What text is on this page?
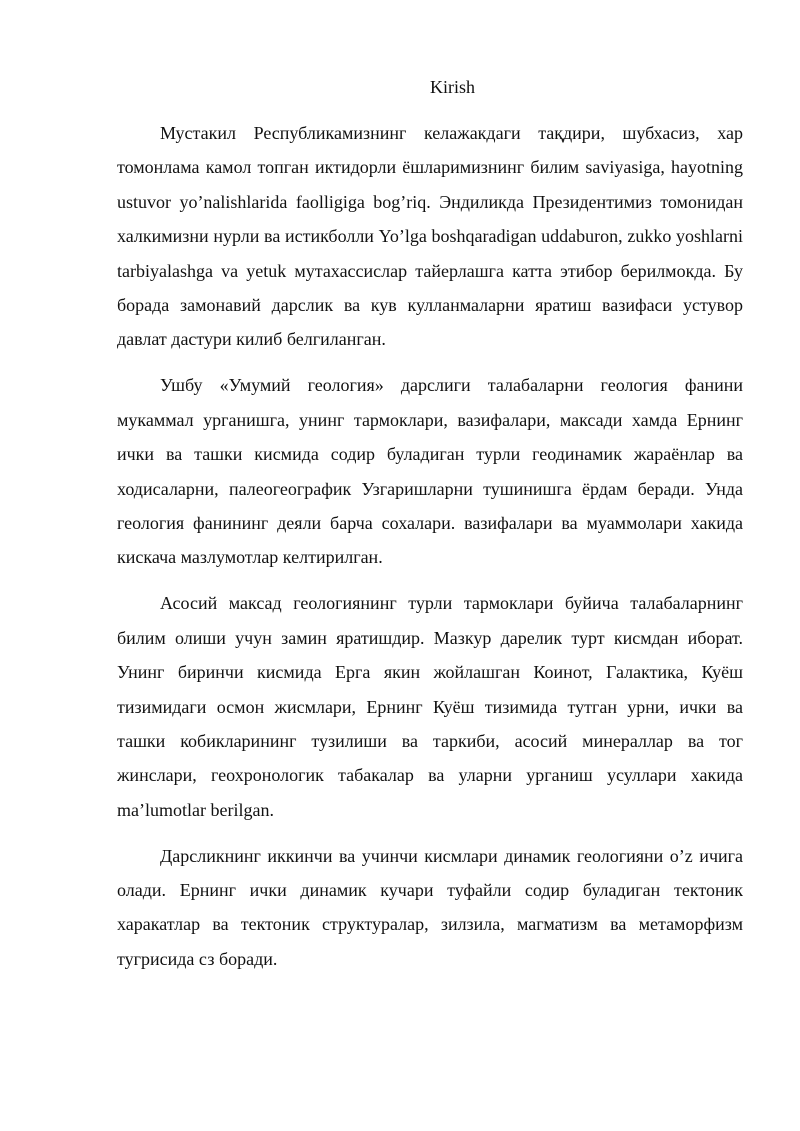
Kirish

Мустакил Республикамизнинг келажакдаги тақдири, шубхасиз, хар томонлама камол топган иктидорли ёшларимизнинг билим saviyasiga, hayotning ustuvor yo’nalishlarida faolligiga bog’riq. Эндиликда Президентимиз томонидан халкимизни нурли ва истикболли Yo’lga boshqaradigan uddaburon, zukko yoshlarni tarbiyalashga va yetuk мутахассислар тайерлашга катта этибор берилмокда. Бу борада замонавий дарслик ва кув кулланмаларни яратиш вазифаси устувор давлат дастури килиб белгиланган.

Ушбу «Умумий геология» дарслиги талабаларни геология фанини мукаммал урганишга, унинг тармоклари, вазифалари, максади хамда Ернинг ички ва ташки кисмида содир буладиган турли геодинамик жараёнлар ва ходисаларни, палеогеографик Узгаришларни тушинишга ёрдам беради. Унда геология фанининг деяли барча сохалари. вазифалари ва муаммолари хакида кискача мазлумотлар келтирилган.

Асосий максад геологиянинг турли тармоклари буйича талабаларнинг билим олиши учун замин яратишдир. Мазкур дарелик турт кисмдан иборат. Унинг биринчи кисмида Ерга якин жойлашган Коинот, Галактика, Куёш тизимидаги осмон жисмлари, Ернинг Куёш тизимида тутган урни, ички ва ташки кобикларининг тузилиши ва таркиби, асосий минераллар ва тог жинслари, геохронологик табакалар ва уларни урганиш усуллари хакида ma’lumotlar berilgan.

Дарсликнинг иккинчи ва учинчи кисмлари динамик геологияни o’z ичига олади. Ернинг ички динамик кучари туфайли содир буладиган тектоник харакатлар ва тектоник структуралар, зилзила, магматизм ва метаморфизм тугрисида сз боради.
